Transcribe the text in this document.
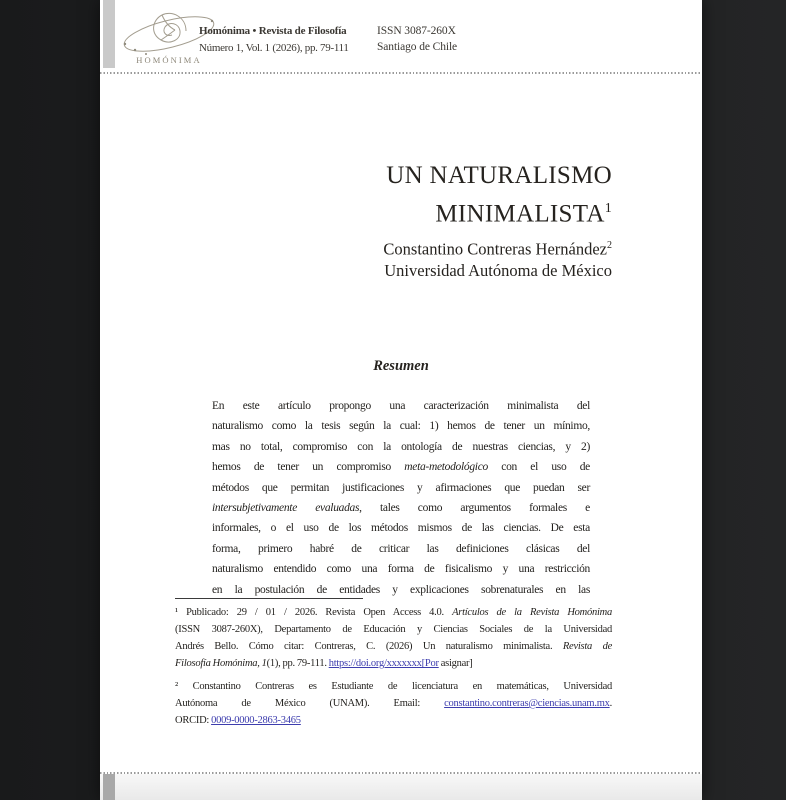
HOMÓNIMA
Homónima • Revista de Filosofía
Número 1, Vol. 1 (2026), pp. 79-111
ISSN 3087-260X
Santiago de Chile
UN NATURALISMO
MINIMALISTA$^1$
Constantino Contreras Hernández$^2$
Universidad Autónoma de México
Resumen
En este artículo propongo una caracterización minimalista del
naturalismo como la tesis según la cual: 1) hemos de tener un mínimo,
mas no total, compromiso con la ontología de nuestras ciencias, y 2)
hemos de tener un compromiso meta-metodológico con el uso de
métodos que permitan justificaciones y afirmaciones que puedan ser
intersubjetivamente evaluadas, tales como argumentos formales e
informales, o el uso de los métodos mismos de las ciencias. De esta
forma, primero habré de criticar las definiciones clásicas del
naturalismo entendido como una forma de fisicalismo y una restricción
en la postulación de entidades y explicaciones sobrenaturales en las
¹ Publicado: 29 / 01 / 2026. Revista Open Access 4.0. Artículos de la Revista Homónima
(ISSN 3087-260X), Departamento de Educación y Ciencias Sociales de la Universidad
Andrés Bello. Cómo citar: Contreras, C. (2026) Un naturalismo minimalista. Revista de
Filosofía Homónima, 1(1), pp. 79-111. https://doi.org/xxxxxxx[Por asignar]
² Constantino Contreras es Estudiante de licenciatura en matemáticas, Universidad
Autónoma de México (UNAM). Email: constantino.contreras@ciencias.unam.mx.
ORCID: 0009-0000-2863-3465
